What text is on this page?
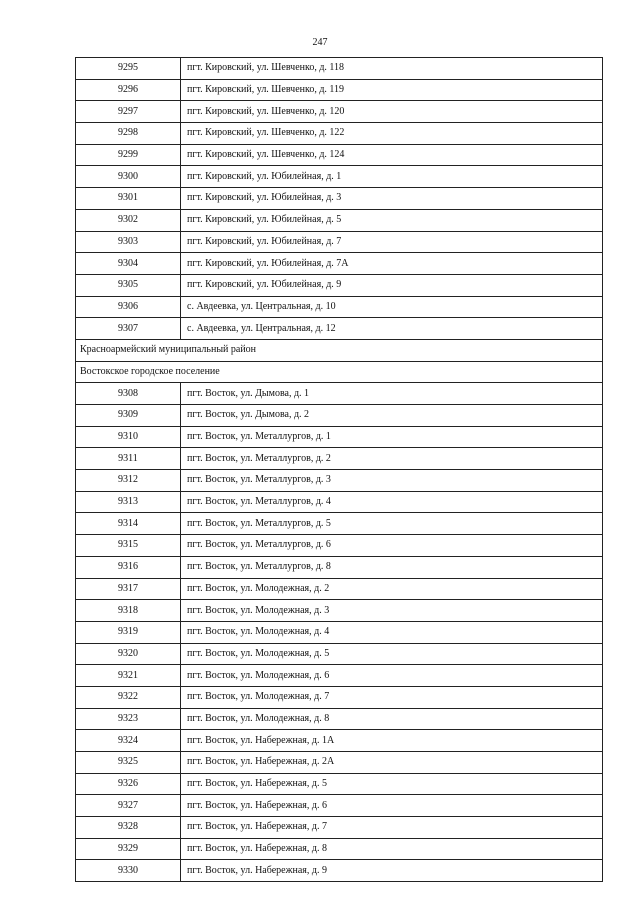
247
9295	пгт. Кировский, ул. Шевченко, д. 118
9296	пгт. Кировский, ул. Шевченко, д. 119
9297	пгт. Кировский, ул. Шевченко, д. 120
9298	пгт. Кировский, ул. Шевченко, д. 122
9299	пгт. Кировский, ул. Шевченко, д. 124
9300	пгт. Кировский, ул. Юбилейная, д. 1
9301	пгт. Кировский, ул. Юбилейная, д. 3
9302	пгт. Кировский, ул. Юбилейная, д. 5
9303	пгт. Кировский, ул. Юбилейная, д. 7
9304	пгт. Кировский, ул. Юбилейная, д. 7А
9305	пгт. Кировский, ул. Юбилейная, д. 9
9306	с. Авдеевка, ул. Центральная, д. 10
9307	с. Авдеевка, ул. Центральная, д. 12
Красноармейский муниципальный район	
Востокское городское поселение	
9308	пгт. Восток, ул. Дымова, д. 1
9309	пгт. Восток, ул. Дымова, д. 2
9310	пгт. Восток, ул. Металлургов, д. 1
9311	пгт. Восток, ул. Металлургов, д. 2
9312	пгт. Восток, ул. Металлургов, д. 3
9313	пгт. Восток, ул. Металлургов, д. 4
9314	пгт. Восток, ул. Металлургов, д. 5
9315	пгт. Восток, ул. Металлургов, д. 6
9316	пгт. Восток, ул. Металлургов, д. 8
9317	пгт. Восток, ул. Молодежная, д. 2
9318	пгт. Восток, ул. Молодежная, д. 3
9319	пгт. Восток, ул. Молодежная, д. 4
9320	пгт. Восток, ул. Молодежная, д. 5
9321	пгт. Восток, ул. Молодежная, д. 6
9322	пгт. Восток, ул. Молодежная, д. 7
9323	пгт. Восток, ул. Молодежная, д. 8
9324	пгт. Восток, ул. Набережная, д. 1А
9325	пгт. Восток, ул. Набережная, д. 2А
9326	пгт. Восток, ул. Набережная, д. 5
9327	пгт. Восток, ул. Набережная, д. 6
9328	пгт. Восток, ул. Набережная, д. 7
9329	пгт. Восток, ул. Набережная, д. 8
9330	пгт. Восток, ул. Набережная, д. 9
